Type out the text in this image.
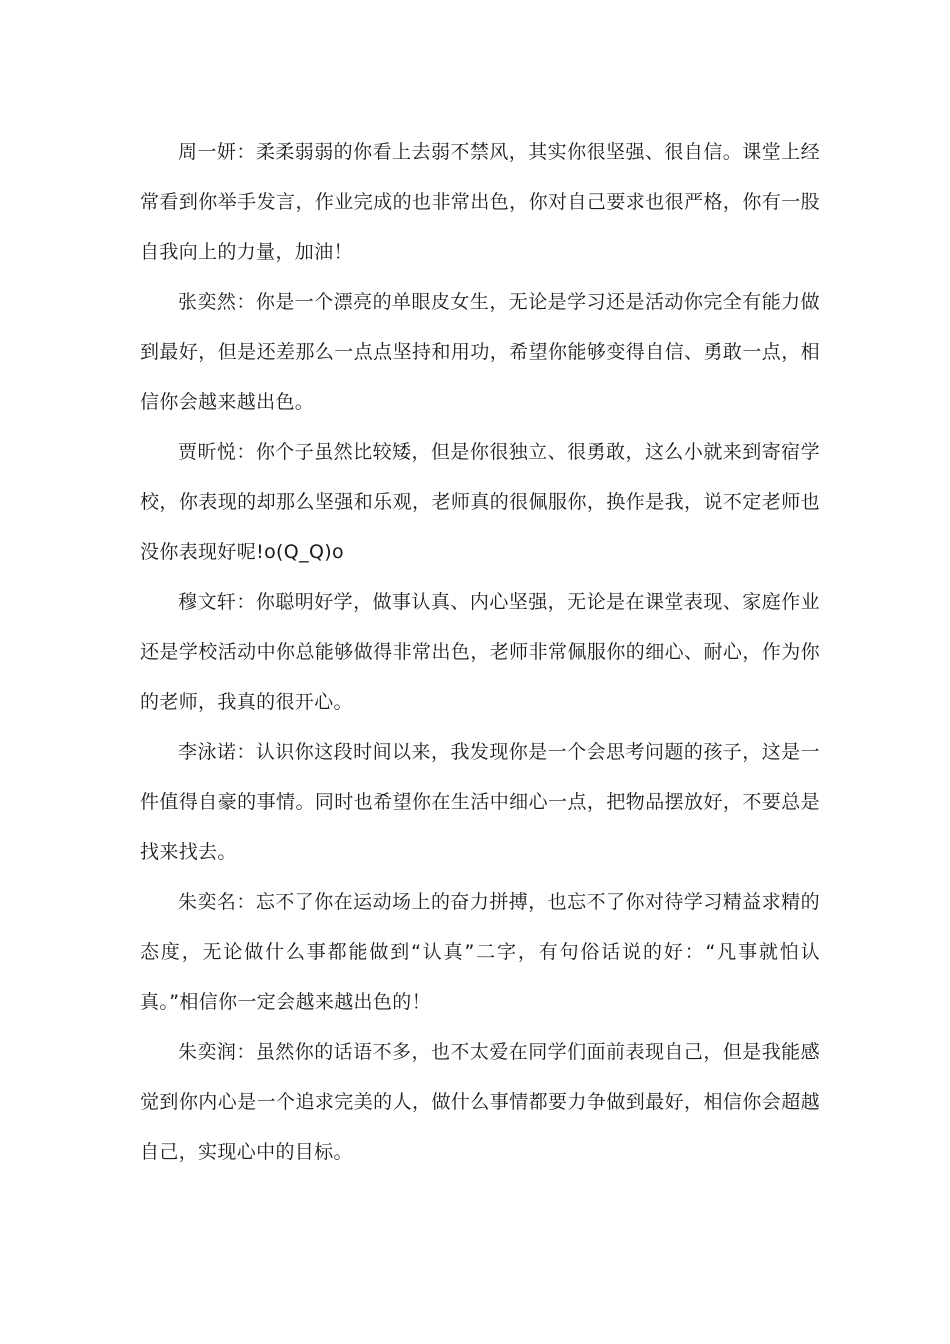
周一妍：柔柔弱弱的你看上去弱不禁风，其实你很坚强、很自信。课堂上经常看到你举手发言，作业完成的也非常出色，你对自己要求也很严格，你有一股自我向上的力量，加油！

张奕然：你是一个漂亮的单眼皮女生，无论是学习还是活动你完全有能力做到最好，但是还差那么一点点坚持和用功，希望你能够变得自信、勇敢一点，相信你会越来越出色。

贾昕悦：你个子虽然比较矮，但是你很独立、很勇敢，这么小就来到寄宿学校，你表现的却那么坚强和乐观，老师真的很佩服你，换作是我，说不定老师也没你表现好呢!o(Q_Q)o

穆文轩：你聪明好学，做事认真、内心坚强，无论是在课堂表现、家庭作业还是学校活动中你总能够做得非常出色，老师非常佩服你的细心、耐心，作为你的老师，我真的很开心。

李泳诺：认识你这段时间以来，我发现你是一个会思考问题的孩子，这是一件值得自豪的事情。同时也希望你在生活中细心一点，把物品摆放好，不要总是找来找去。

朱奕名：忘不了你在运动场上的奋力拼搏，也忘不了你对待学习精益求精的态度，无论做什么事都能做到“认真”二字，有句俗话说的好：“凡事就怕认真。”相信你一定会越来越出色的！

朱奕润：虽然你的话语不多，也不太爱在同学们面前表现自己，但是我能感觉到你内心是一个追求完美的人，做什么事情都要力争做到最好，相信你会超越自己，实现心中的目标。
